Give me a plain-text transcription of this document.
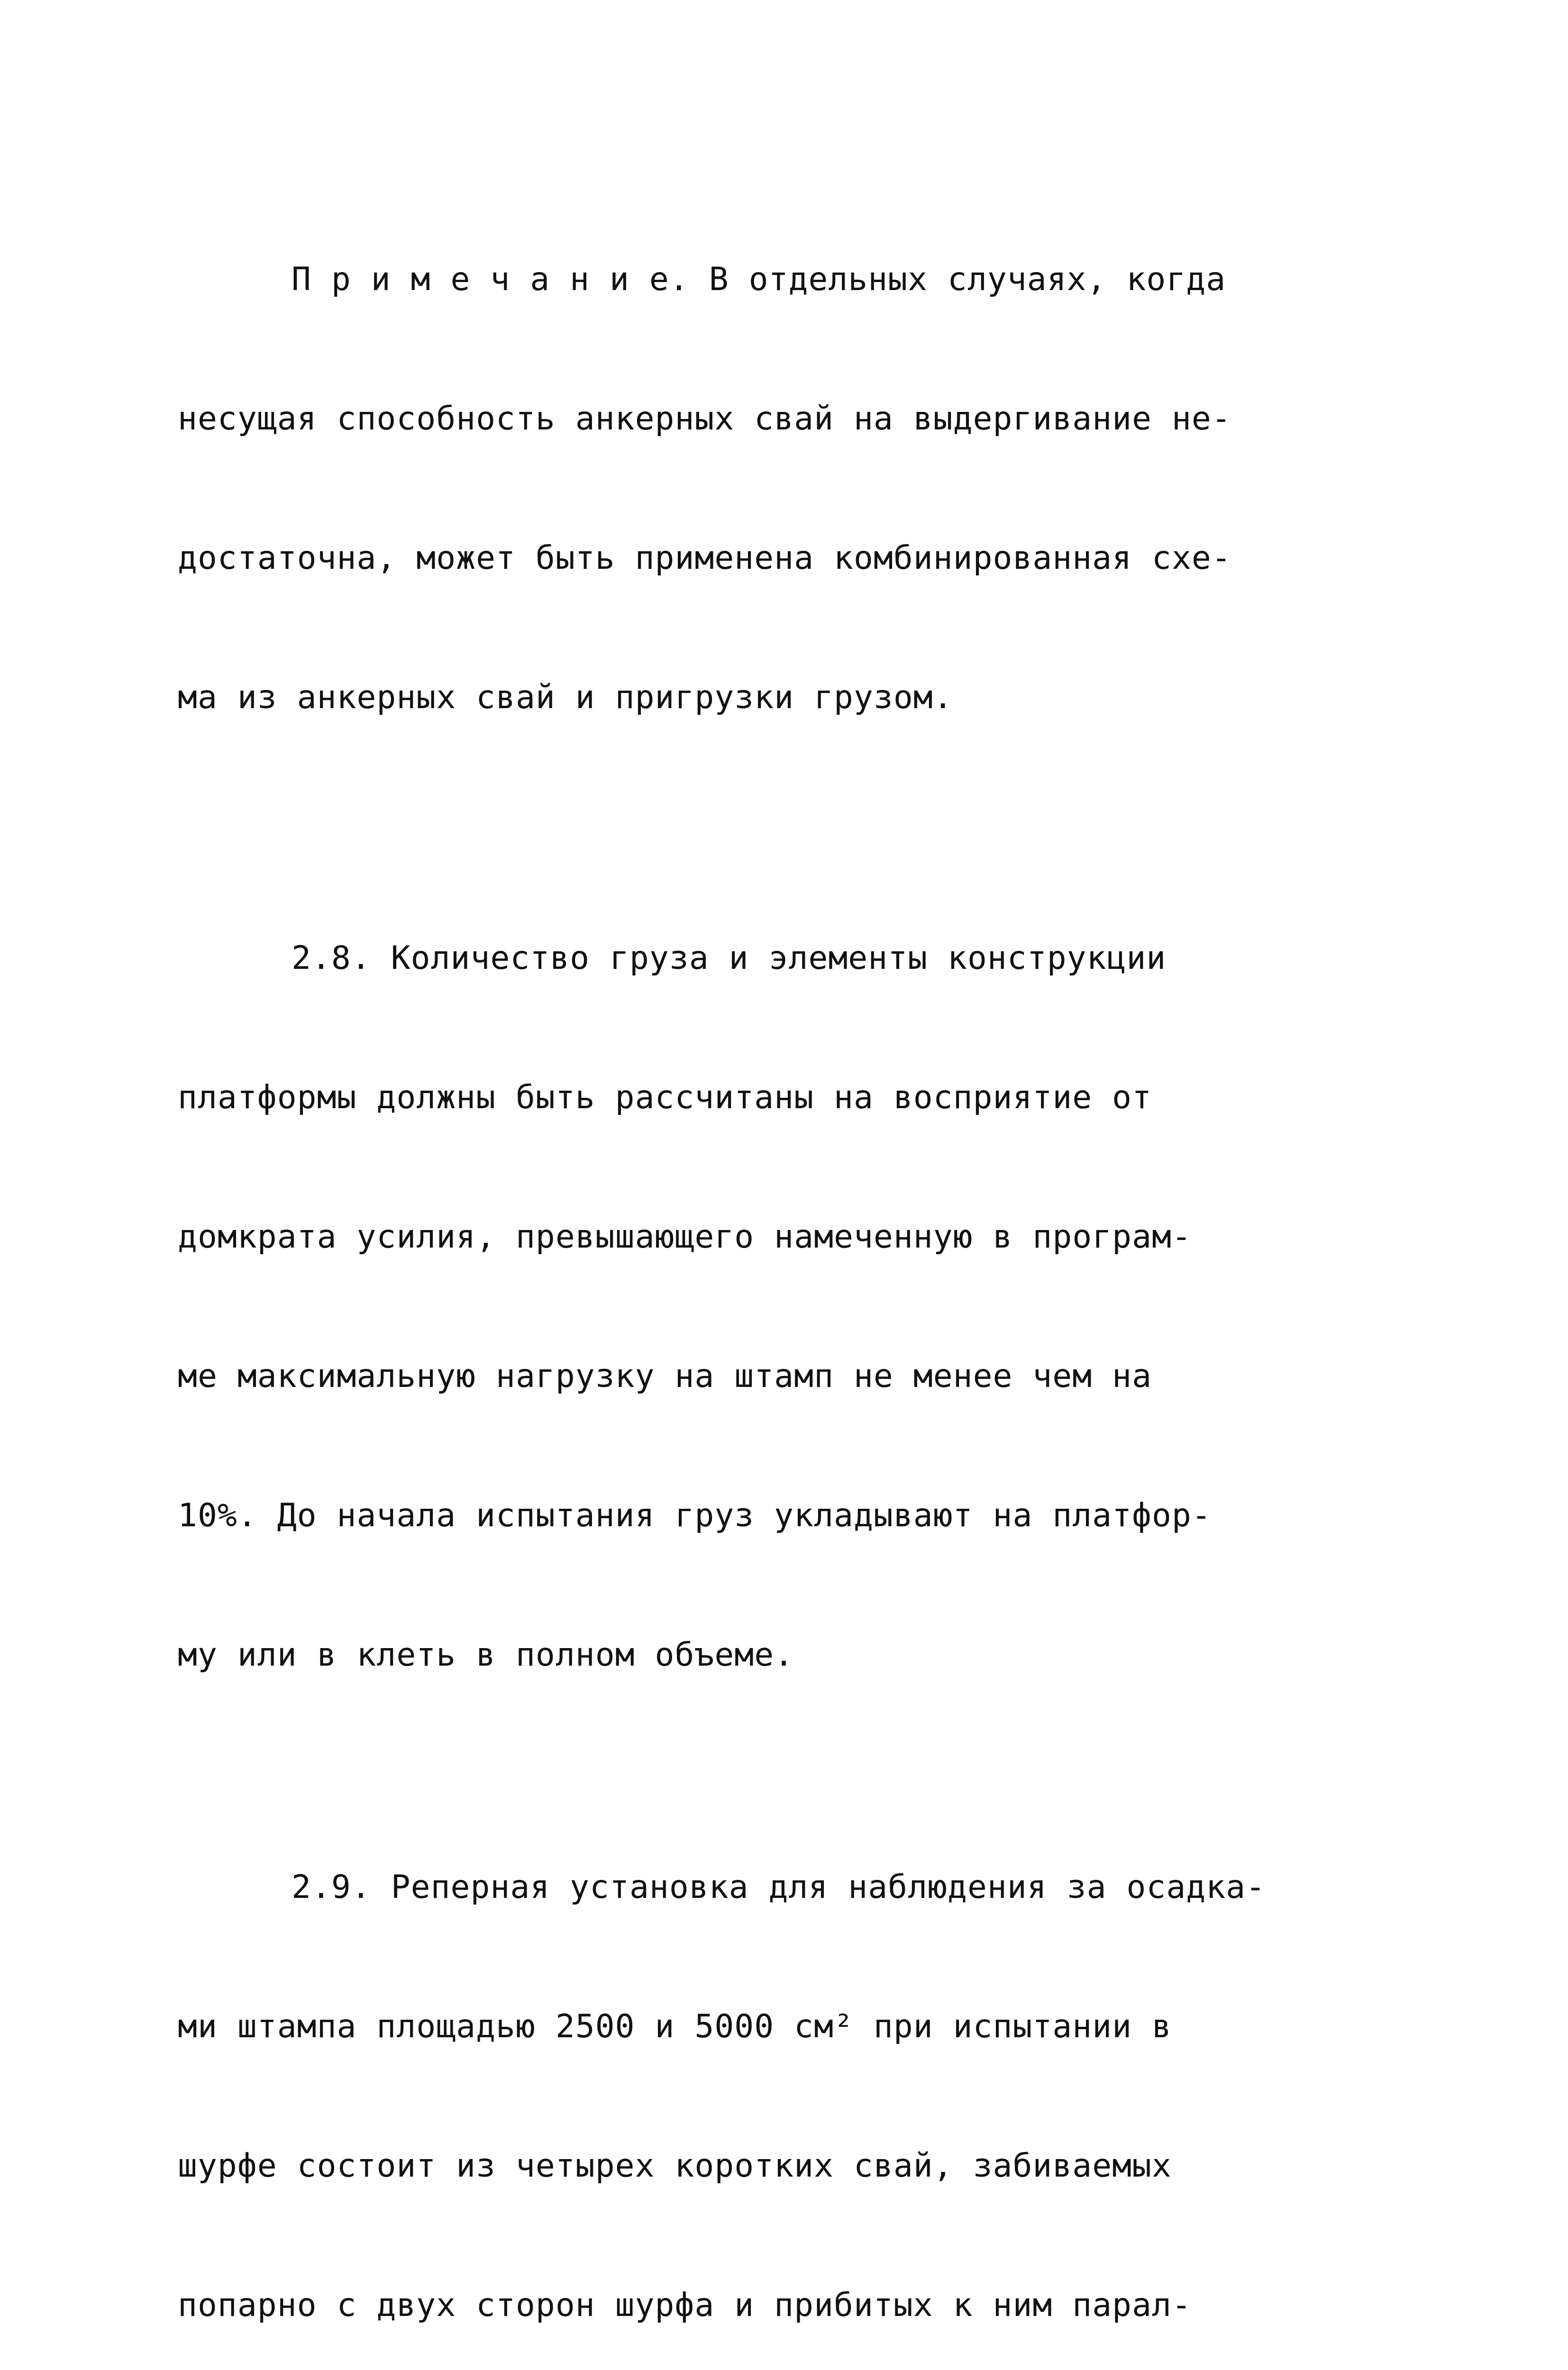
П р и м е ч а н и е. В отдельных случаях, когда

несущая способность анкерных свай на выдергивание не-

достаточна, может быть применена комбинированная схе-

ма из анкерных свай и пригрузки грузом.

2.8. Количество груза и элементы конструкции

платформы должны быть рассчитаны на восприятие от

домкрата усилия, превышающего намеченную в програм-

ме максимальную нагрузку на штамп не менее чем на

10%. До начала испытания груз укладывают на платфор-

му или в клеть в полном объеме.

2.9. Реперная установка для наблюдения за осадка-

ми штампа площадью 2500 и 5000 см² при испытании в

шурфе состоит из четырех коротких свай, забиваемых

попарно с двух сторон шурфа и прибитых к ним парал-
